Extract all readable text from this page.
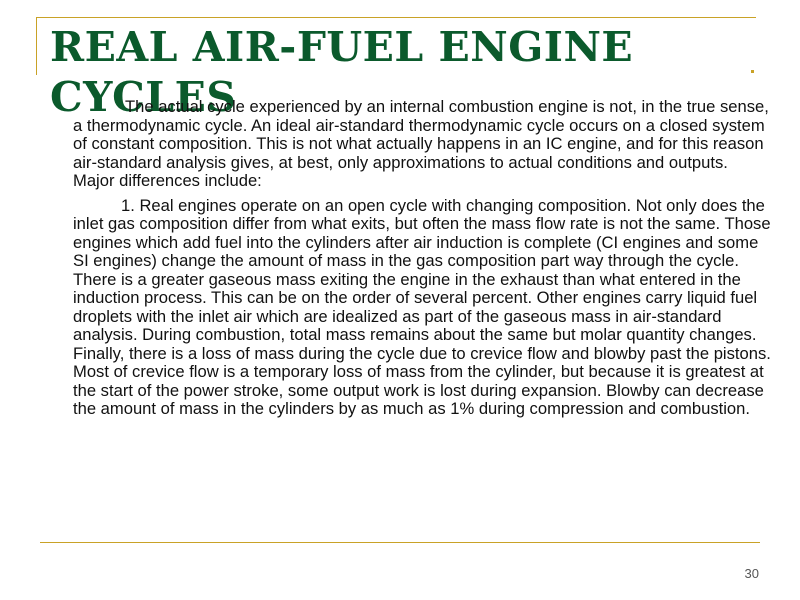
REAL AIR-FUEL ENGINE CYCLES

The actual cycle experienced by an internal combustion engine is not, in the true sense, a thermodynamic cycle. An ideal air-standard thermodynamic cycle occurs on a closed system of constant composition. This is not what actually happens in an IC engine, and for this reason air-standard analysis gives, at best, only approximations to actual conditions and outputs. Major differences include:

1. Real engines operate on an open cycle with changing composition. Not only does the inlet gas composition differ from what exits, but often the mass flow rate is not the same. Those engines which add fuel into the cylinders after air induction is complete (CI engines and some SI engines) change the amount of mass in the gas composition part way through the cycle. There is a greater gaseous mass exiting the engine in the exhaust than what entered in the induction process. This can be on the order of several percent. Other engines carry liquid fuel droplets with the inlet air which are idealized as part of the gaseous mass in air-standard analysis. During combustion, total mass remains about the same but molar quantity changes. Finally, there is a loss of mass during the cycle due to crevice flow and blowby past the pistons. Most of crevice flow is a temporary loss of mass from the cylinder, but because it is greatest at the start of the power stroke, some output work is lost during expansion. Blowby can decrease the amount of mass in the cylinders by as much as 1% during compression and combustion.

30
